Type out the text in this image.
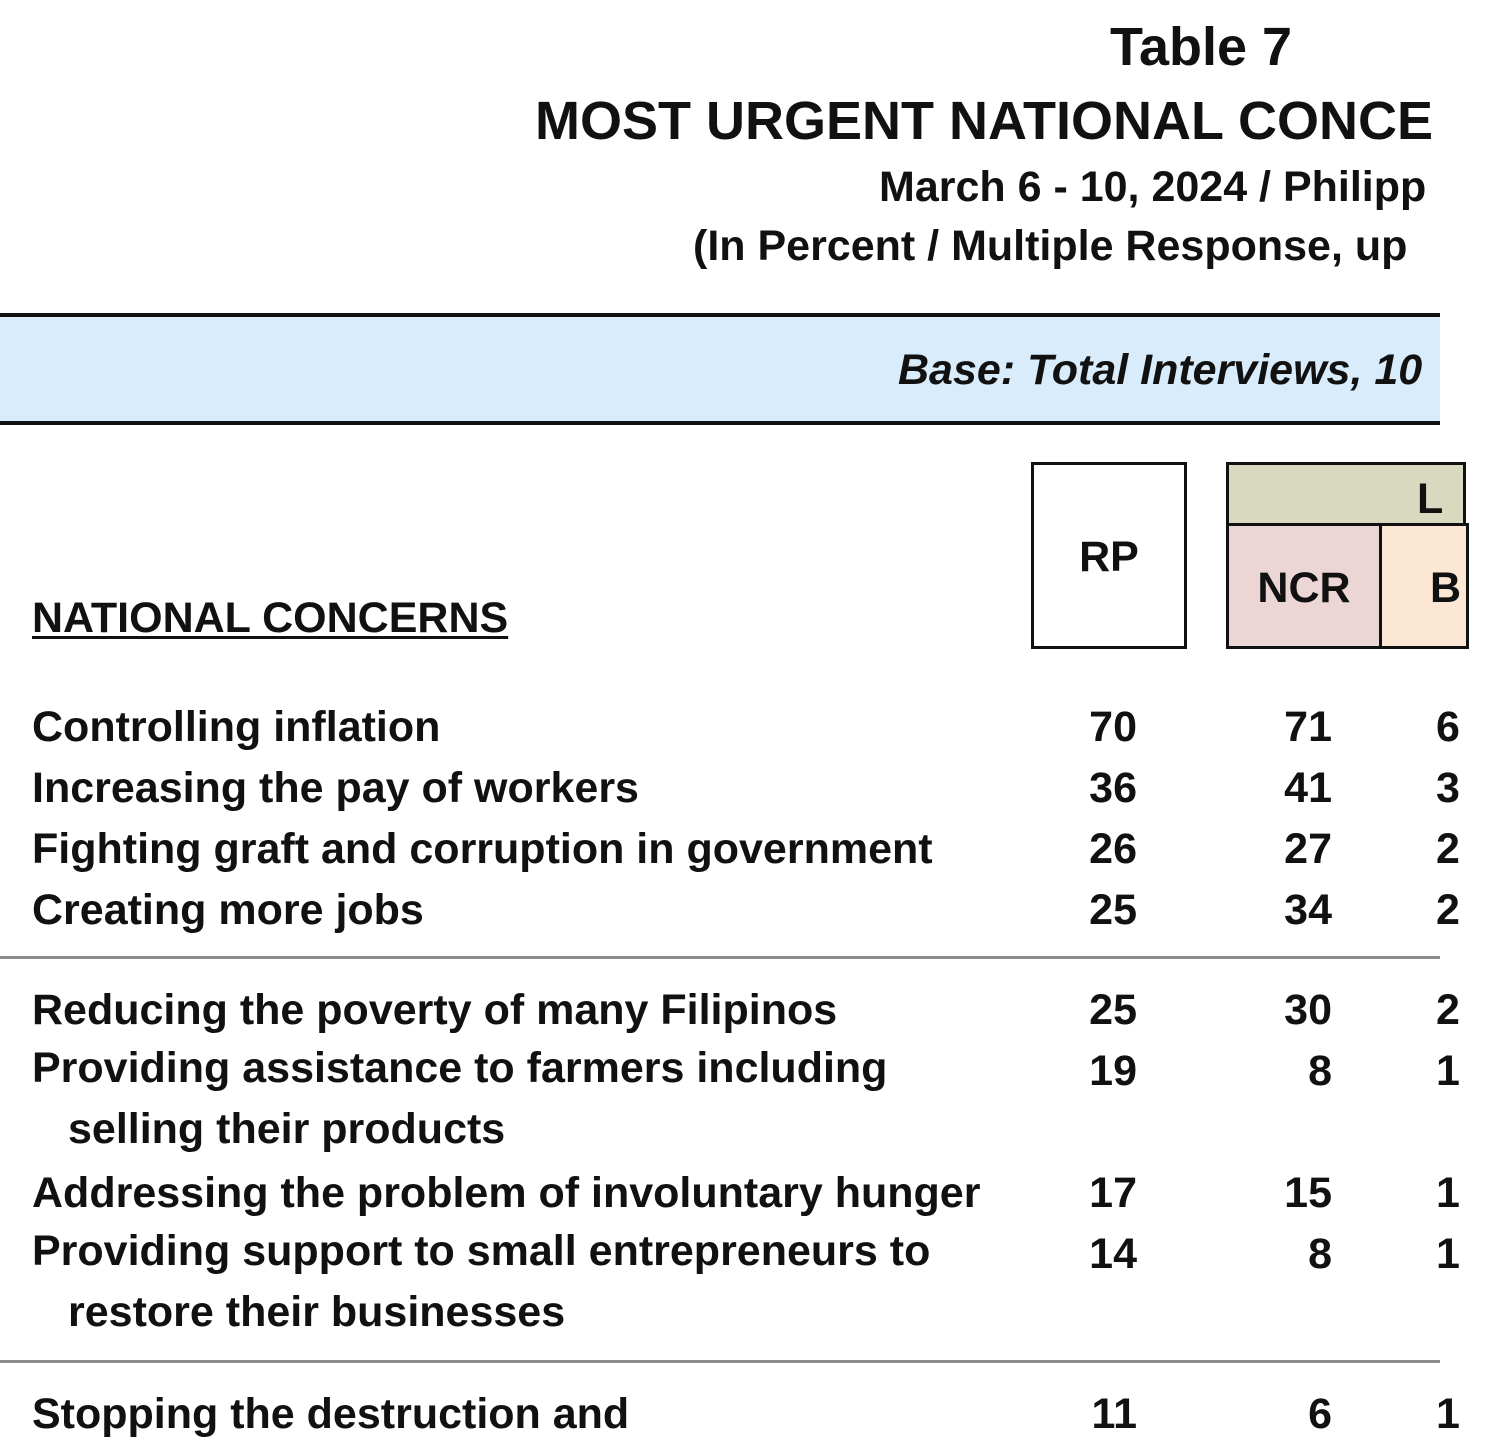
Table 7
MOST URGENT NATIONAL CONCE
March 6 - 10, 2024 / Philipp
(In Percent / Multiple Response, up
Base: Total Interviews, 10
RP
L
NCR	B
NATIONAL CONCERNS
Controlling inflation	70	71 6
Increasing the pay of workers	36	41 3
Fighting graft and corruption in government	26	27 2
Creating more jobs	25	34 2
Reducing the poverty of many Filipinos	25	30 2
Providing assistance to farmers including
selling their products
19	8 1
Addressing the problem of involuntary hunger	17	15 1
Providing support to small entrepreneurs to
restore their businesses
14	8 1
Stopping the destruction and	11	6 1
